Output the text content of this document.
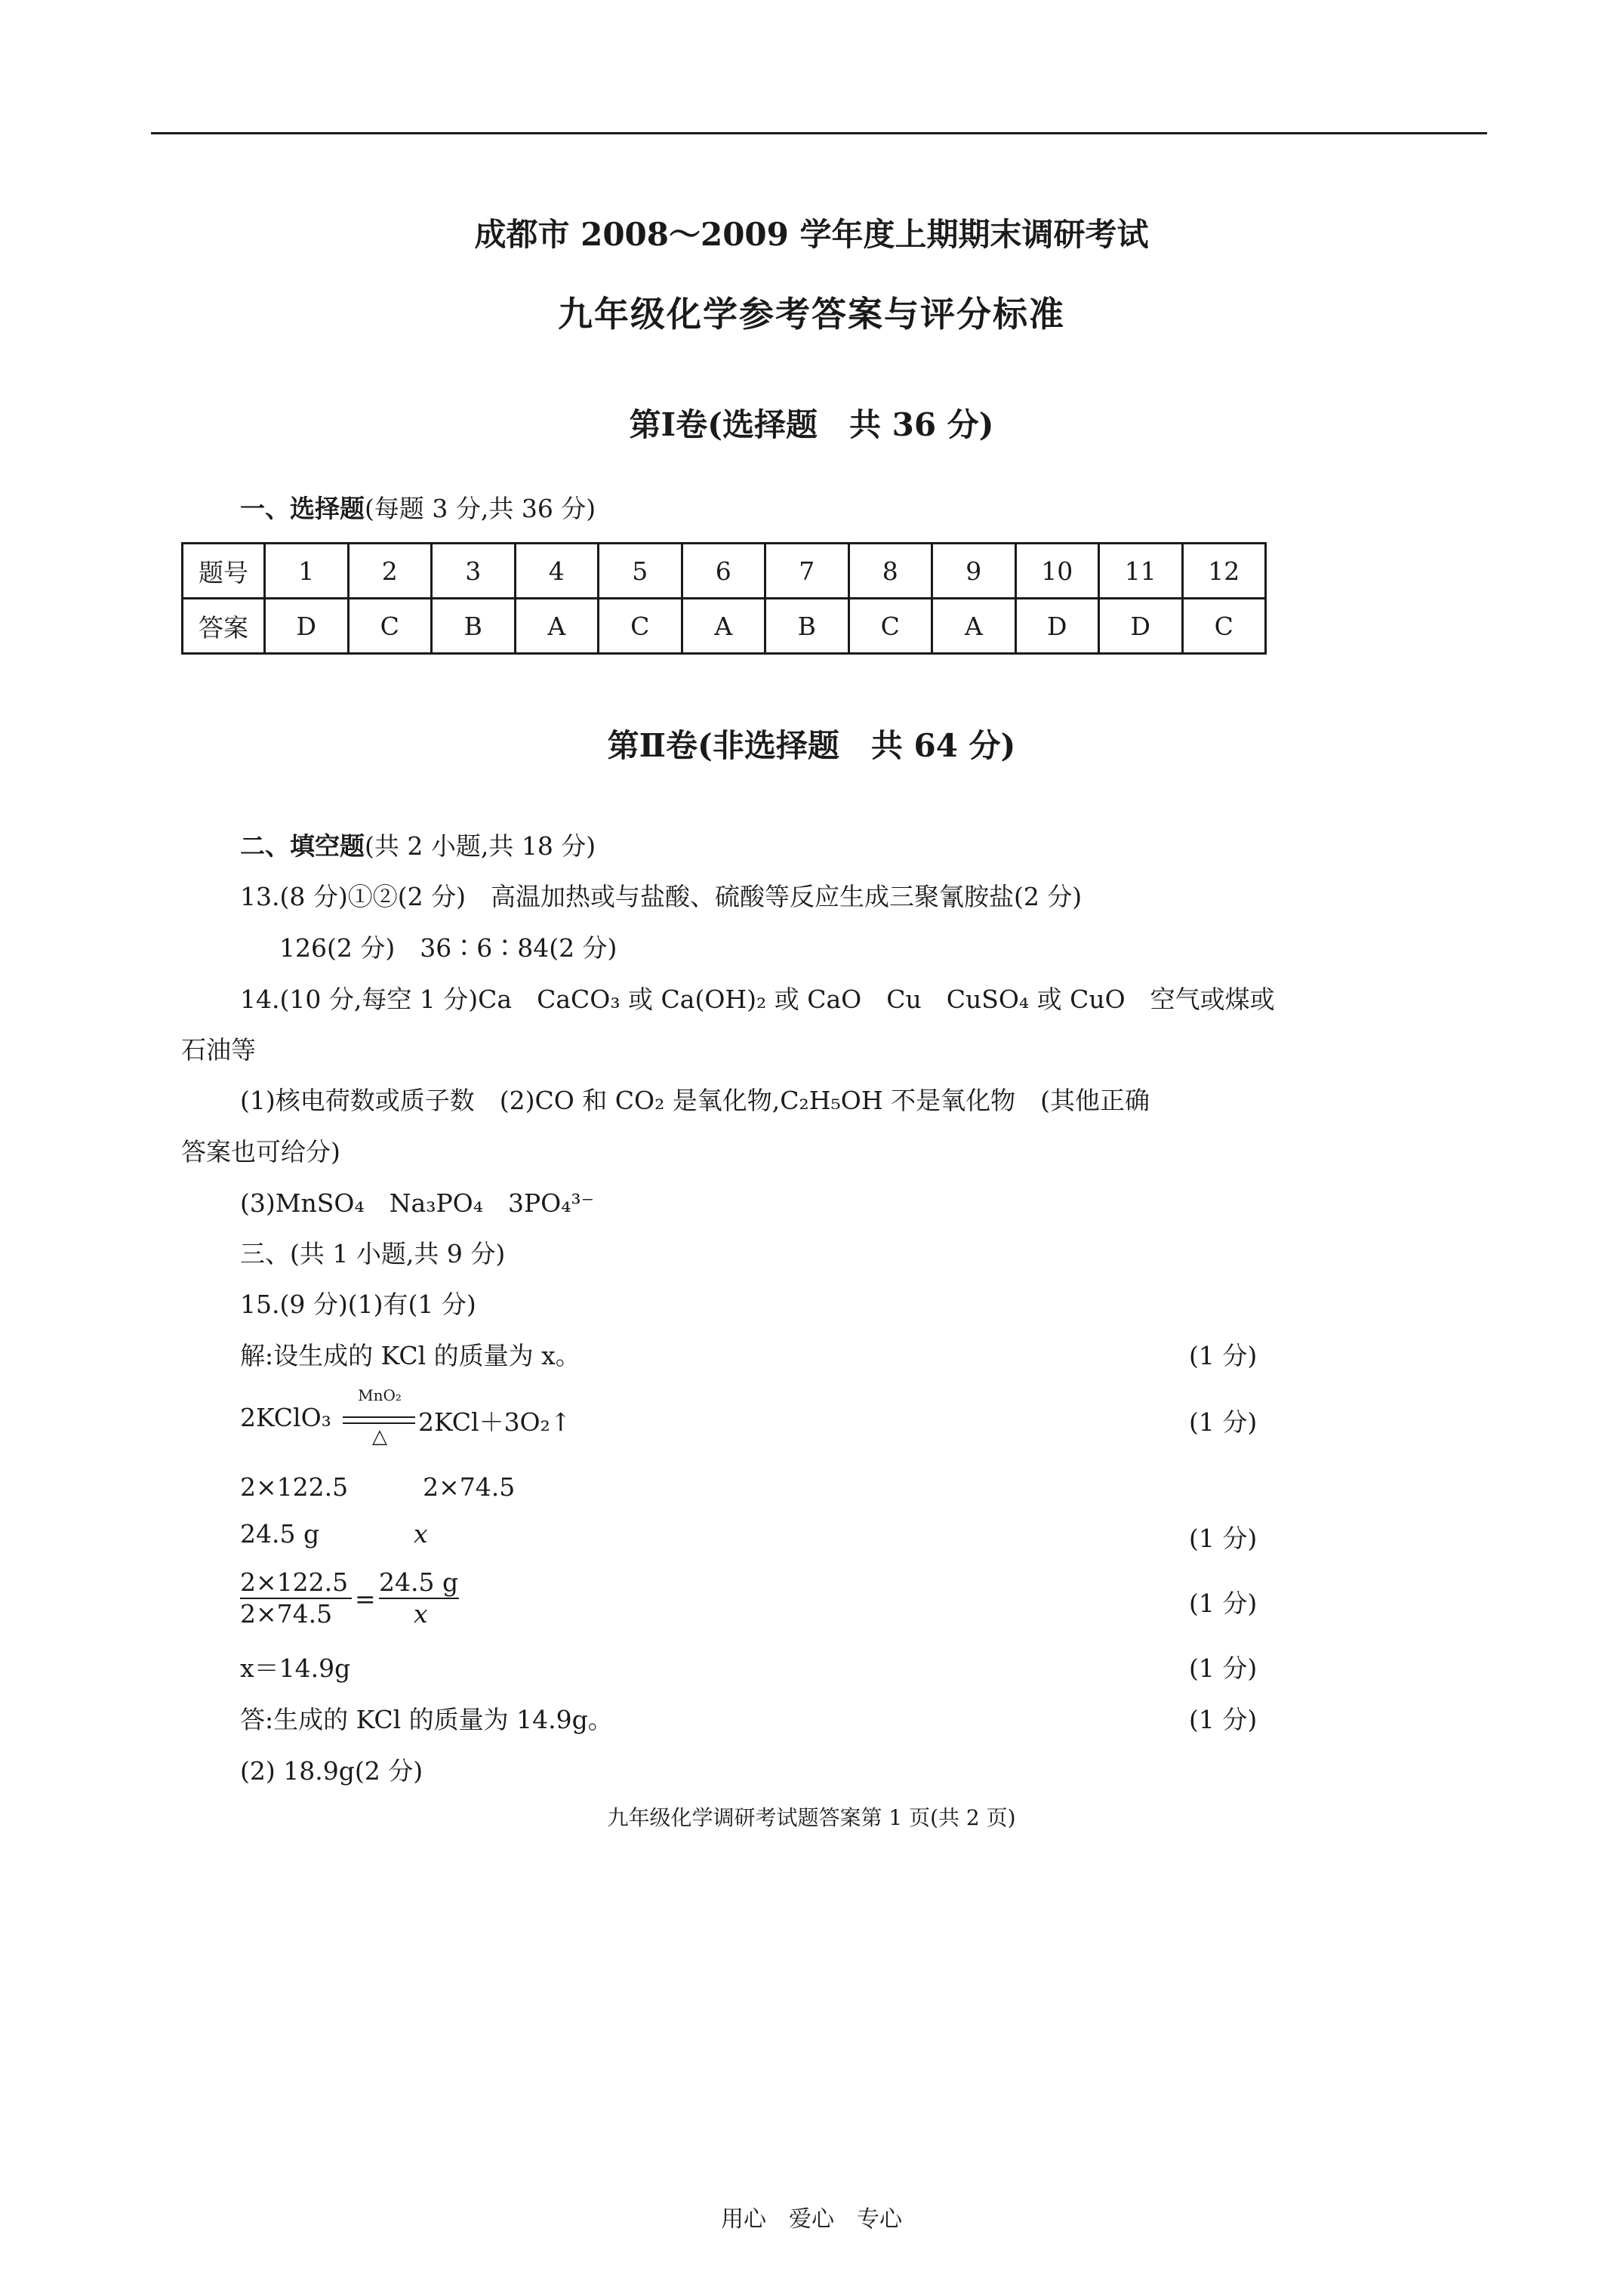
成都市 2008～2009 学年度上期期末调研考试
九年级化学参考答案与评分标准
第Ⅰ卷(选择题　共 36 分)
一、选择题(每题 3 分,共 36 分)
题号	1	2	3	4	5	6	7	8	9	10	11	12
答案	D	C	B	A	C	A	B	C	A	D	D	C
第Ⅱ卷(非选择题　共 64 分)
二、填空题(共 2 小题,共 18 分)
13.(8 分)①②(2 分)　高温加热或与盐酸、硫酸等反应生成三聚氰胺盐(2 分)
126(2 分)　36∶6∶84(2 分)
14.(10 分,每空 1 分)Ca　CaCO₃ 或 Ca(OH)₂ 或 CaO　Cu　CuSO₄ 或 CuO　空气或煤或
石油等
(1)核电荷数或质子数　(2)CO 和 CO₂ 是氧化物,C₂H₅OH 不是氧化物　(其他正确
答案也可给分)
(3)MnSO₄　Na₃PO₄　3PO₄³⁻
三、(共 1 小题,共 9 分)
15.(9 分)(1)有(1 分)
解:设生成的 KCl 的质量为 x。	(1 分)
2KClO₃
MnO₂
△	2KCl＋3O₂↑	(1 分)
2×122.5　　　2×74.5
24.5 g	x	(1 分)
2×122.5
2×74.5
=
24.5 g
x	(1 分)
x＝14.9g	(1 分)
答:生成的 KCl 的质量为 14.9g。	(1 分)
(2) 18.9g(2 分)
九年级化学调研考试题答案第 1 页(共 2 页)
用心　爱心　专心
